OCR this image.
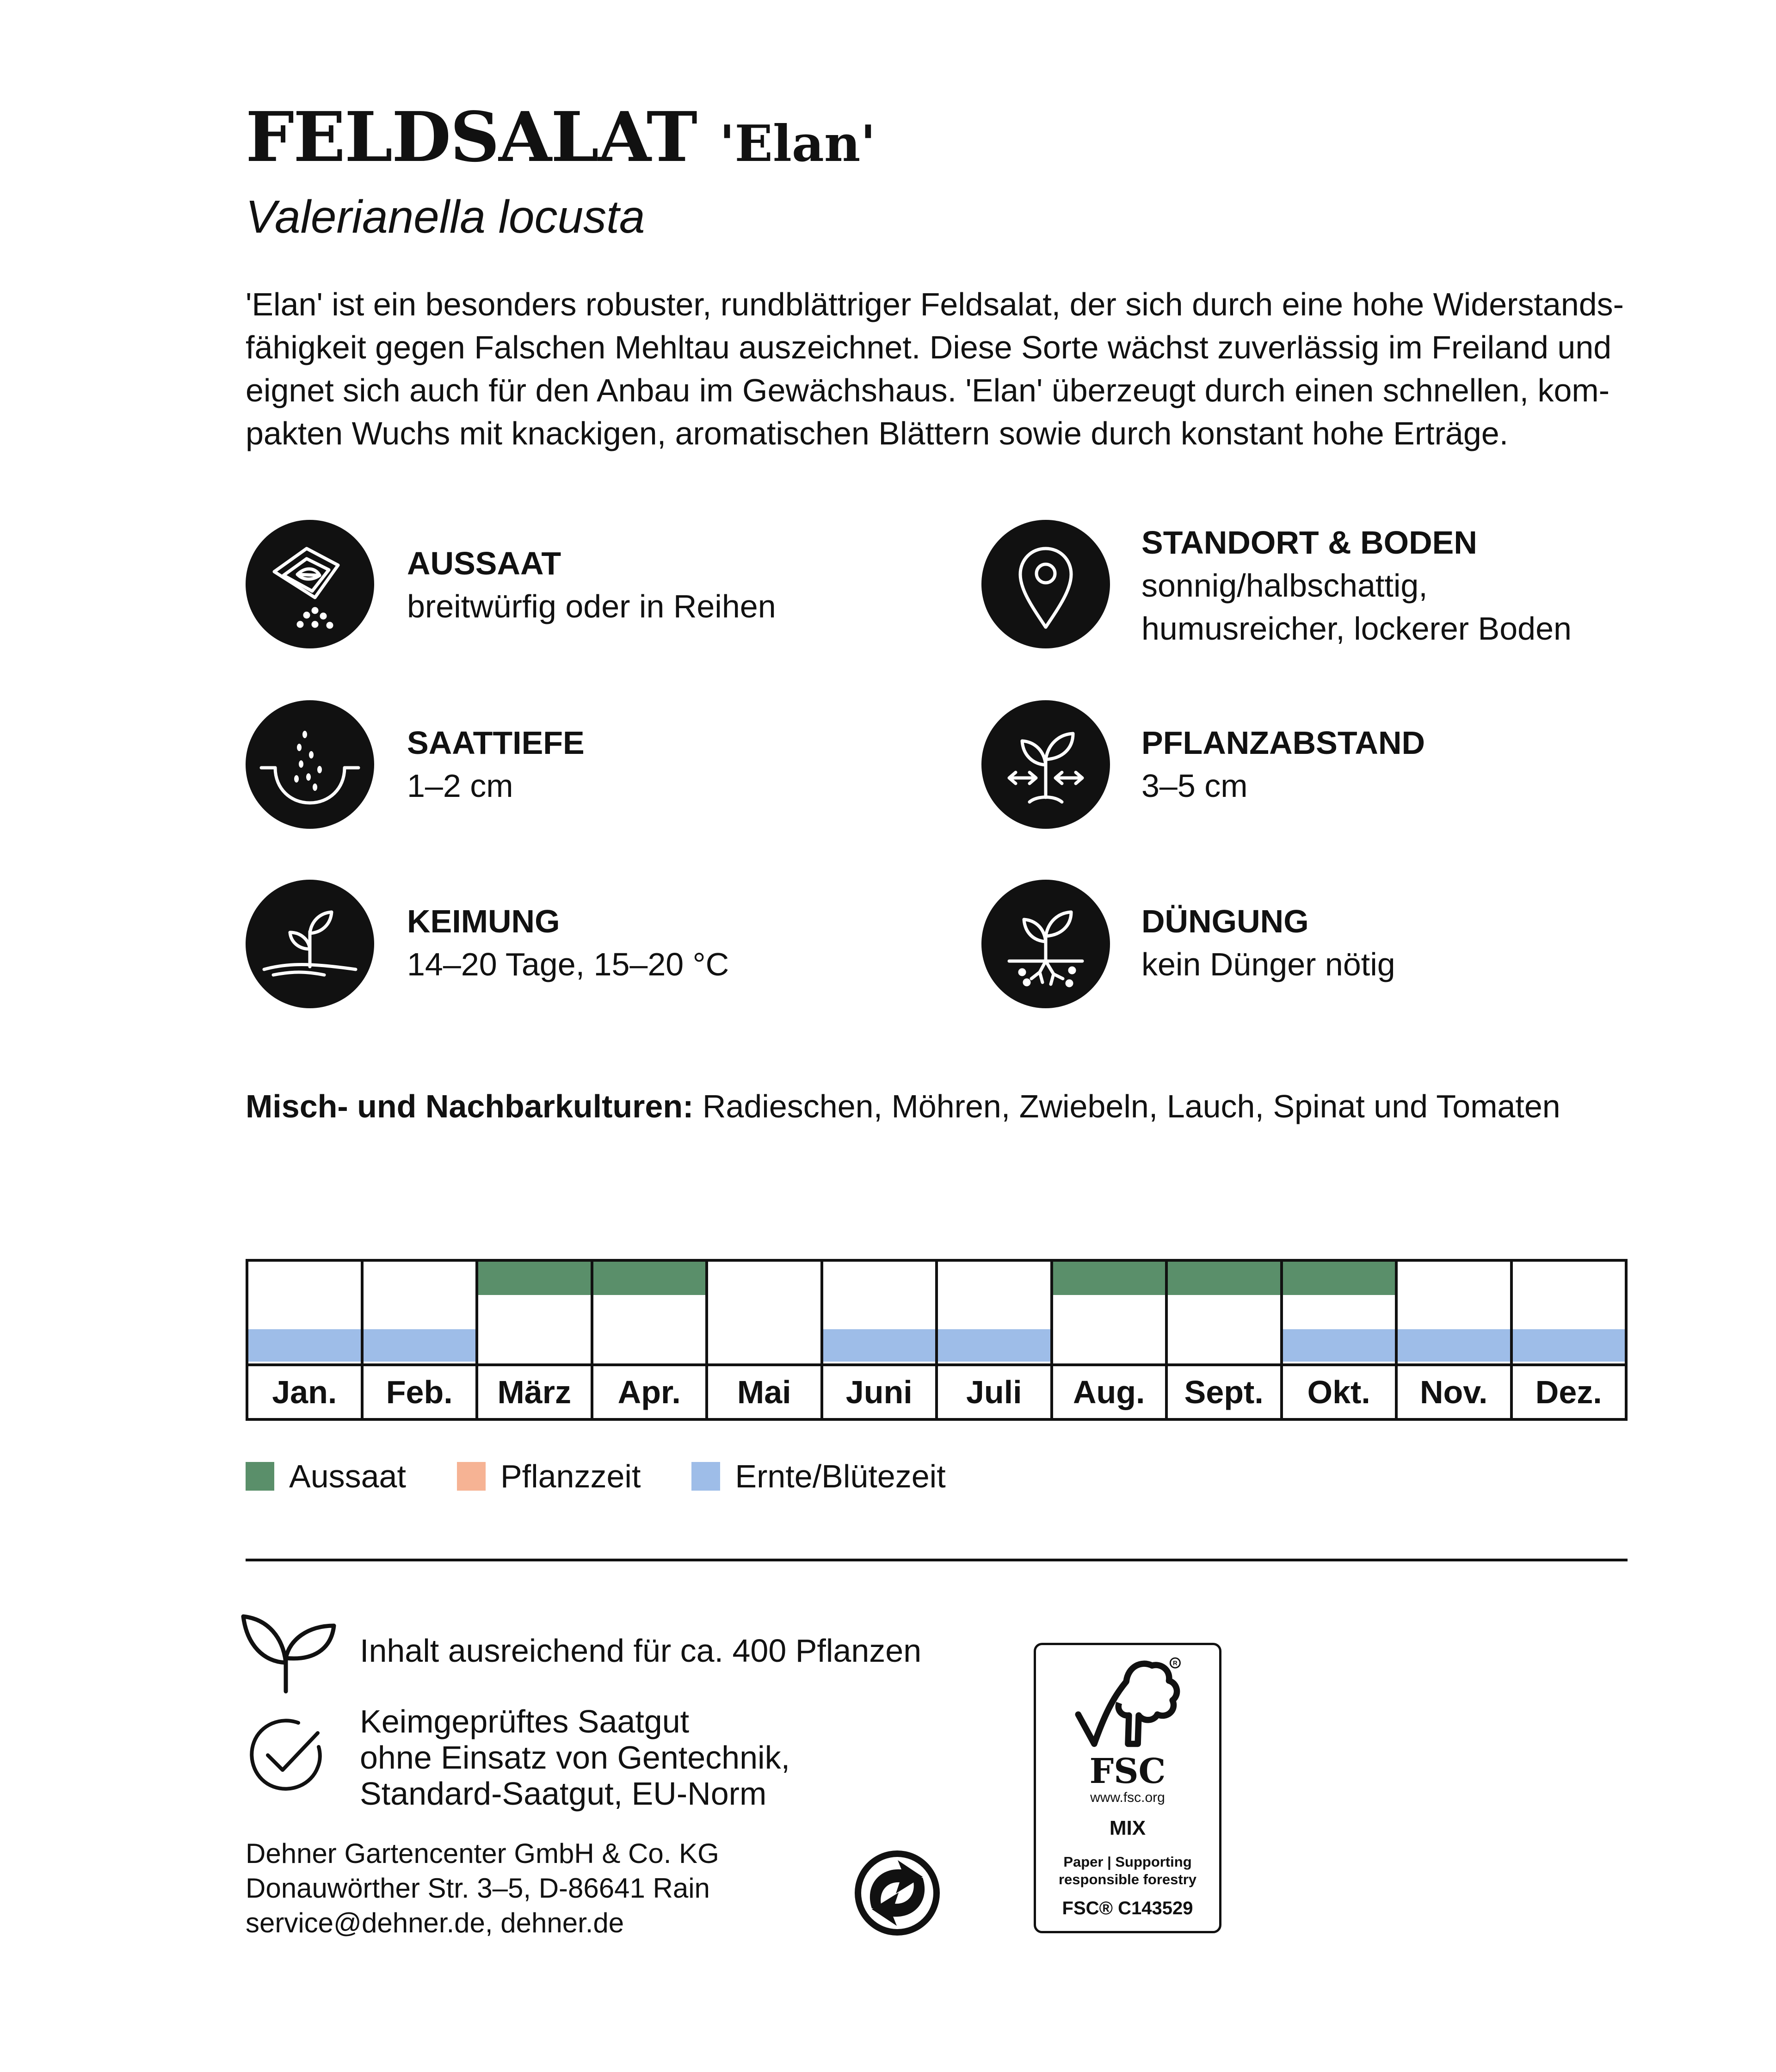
FELDSALAT 'Elan'
Valerianella locusta
'Elan' ist ein besonders robuster, rundblättriger Feldsalat, der sich durch eine hohe Widerstands-
fähigkeit gegen Falschen Mehltau auszeichnet. Diese Sorte wächst zuverlässig im Freiland und
eignet sich auch für den Anbau im Gewächshaus. 'Elan' überzeugt durch einen schnellen, kom-
pakten Wuchs mit knackigen, aromatischen Blättern sowie durch konstant hohe Erträge.
AUSSAAT
breitwürfig oder in Reihen
STANDORT & BODEN
sonnig/halbschattig,
humusreicher, lockerer Boden
SAATTIEFE
1–2 cm
PFLANZABSTAND
3–5 cm
KEIMUNG
14–20 Tage, 15–20 °C
DÜNGUNG
kein Dünger nötig
Misch- und Nachbarkulturen: Radieschen, Möhren, Zwiebeln, Lauch, Spinat und Tomaten
Jan.	Feb.	März	Apr.	Mai	Juni	Juli	Aug.	Sept.	Okt.	Nov.	Dez.
Aussaat	Pflanzzeit	Ernte/Blütezeit
Inhalt ausreichend für ca. 400 Pflanzen
Keimgeprüftes Saatgut
ohne Einsatz von Gentechnik,
Standard-Saatgut, EU-Norm
Dehner Gartencenter GmbH & Co. KG
Donauwörther Str. 3–5, D-86641 Rain
service@dehner.de, dehner.de
R
FSC
www.fsc.org
MIX
Paper | Supporting
responsible forestry
FSC® C143529
